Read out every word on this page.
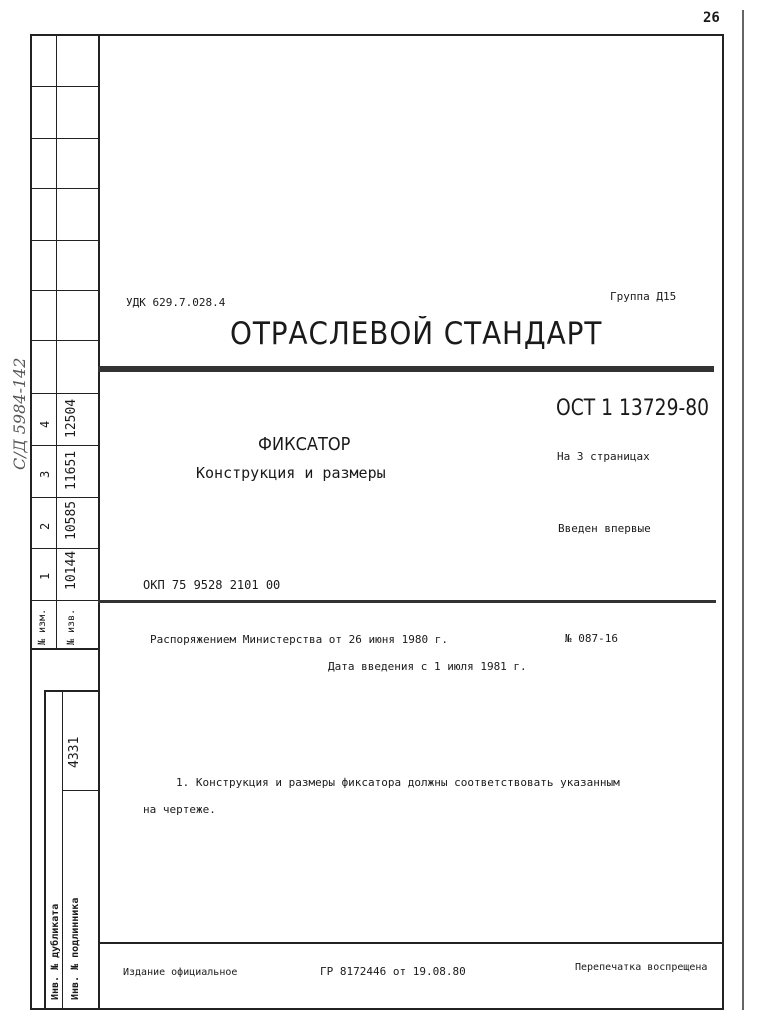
26
№ изм. № изв.
1 10144
2 10585
3 11651
4 12504
С/Д 5984-142
4331
Инв. № дубликата Инв. № подлинника
УДК 629.7.028.4	Группа Д15
ОТРАСЛЕВОЙ СТАНДАРТ
ОСТ 1 13729-80
ФИКСАТОР
Конструкция и размеры
На 3 страницах
Введен впервые
ОКП 75 9528 2101 00
Распоряжением Министерства от 26 июня 1980 г.	№ 087-16
Дата введения с 1 июля 1981 г.
1. Конструкция и размеры фиксатора должны соответствовать указанным
на чертеже.
Издание официальное	ГР 8172446 от 19.08.80	Перепечатка воспрещена
